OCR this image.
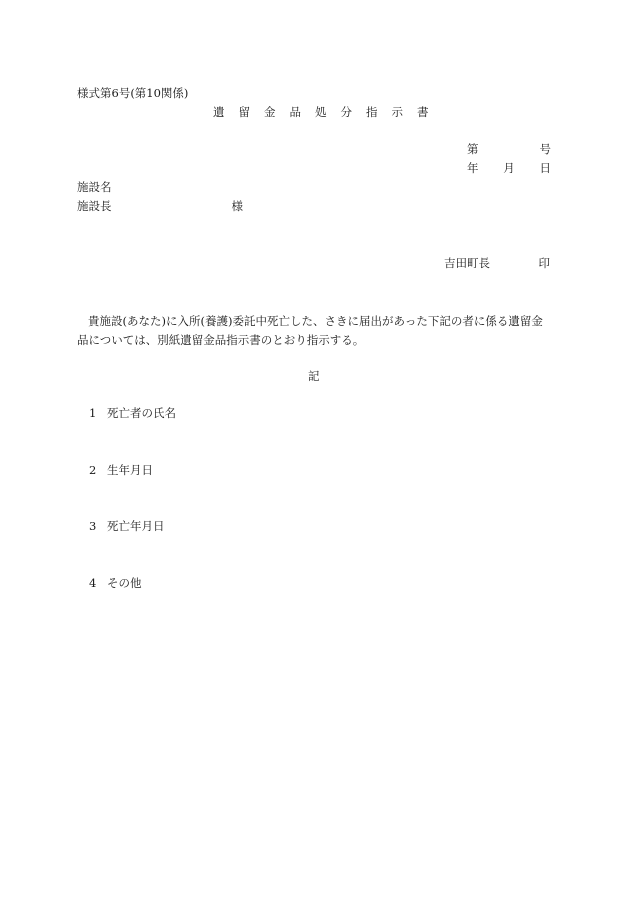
様式第6号(第10関係)
遺留金品処分指示書
第	号
年 月 日
施設名
施設長	様
吉田町長	印
貴施設(あなた)に入所(養護)委託中死亡した、さきに届出があった下記の者に係る遺留金品については、別紙遺留金品指示書のとおり指示する。
記
1 死亡者の氏名
2 生年月日
3 死亡年月日
4 その他
